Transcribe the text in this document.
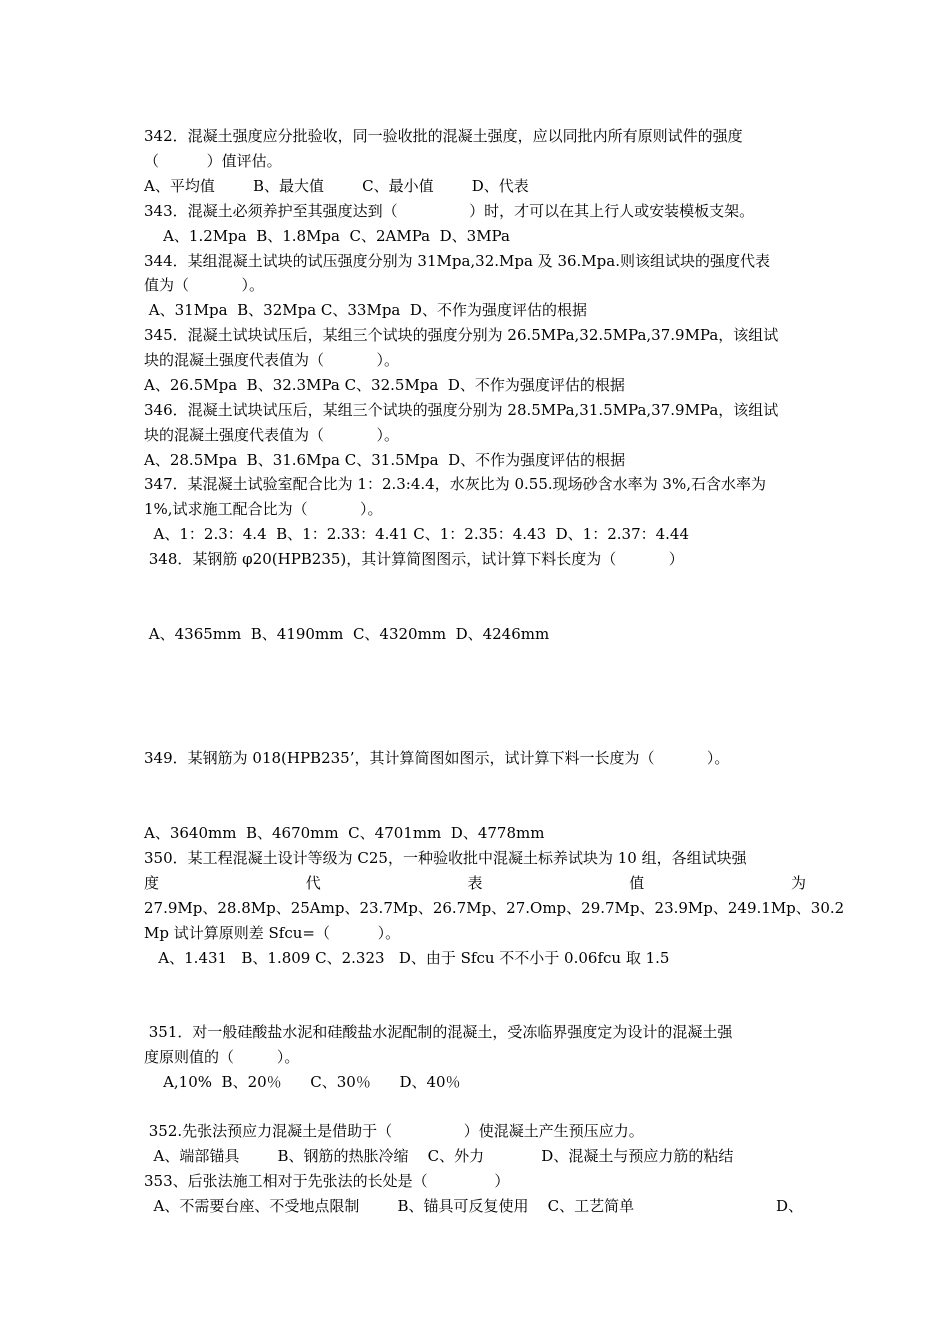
342．混凝土强度应分批验收，同一验收批的混凝土强度，应以同批内所有原则试件的强度
（          ）值评估。
A、平均值        B、最大值        C、最小值        D、代表
343．混凝土必须养护至其强度达到（               ）时，才可以在其上行人或安装模板支架。
A、1.2Mpa  B、1.8Mpa  C、2AMPa  D、3MPa
344．某组混凝土试块的试压强度分别为 31Mpa,32.Mpa 及 36.Mpa.则该组试块的强度代表
值为（           ）。
A、31Mpa  B、32Mpa C、33Mpa  D、不作为强度评估的根据
345．混凝土试块试压后，某组三个试块的强度分别为 26.5MPa,32.5MPa,37.9MPa，该组试
块的混凝土强度代表值为（           ）。
A、26.5Mpa  B、32.3MPa C、32.5Mpa  D、不作为强度评估的根据
346．混凝土试块试压后，某组三个试块的强度分别为 28.5MPa,31.5MPa,37.9MPa，该组试
块的混凝土强度代表值为（           ）。
A、28.5Mpa  B、31.6Mpa C、31.5Mpa  D、不作为强度评估的根据
347．某混凝土试验室配合比为 1：2.3:4.4，水灰比为 0.55.现场砂含水率为 3%,石含水率为
1%,试求施工配合比为（           ）。
A、1：2.3：4.4  B、1：2.33：4.41 C、1：2.35：4.43  D、1：2.37：4.44
348．某钢筋 φ20(HPB235)，其计算简图图示，试计算下料长度为（           ）
A、4365mm  B、4190mm  C、4320mm  D、4246mm
349．某钢筋为 018(HPB235’，其计算简图如图示，试计算下料一长度为（           ）。
A、3640mm  B、4670mm  C、4701mm  D、4778mm
350．某工程混凝土设计等级为 C25，一种验收批中混凝土标养试块为 10 组，各组试块强
度	代	表	值	为
27.9Mp、28.8Mp、25Amp、23.7Mp、26.7Mp、27.Omp、29.7Mp、23.9Mp、249.1Mp、30.2
Mp 试计算原则差 Sfcu=（          ）。
A、1.431   B、1.809 C、2.323   D、由于 Sfcu 不不小于 0.06fcu 取 1.5
351．对一般硅酸盐水泥和硅酸盐水泥配制的混凝土，受冻临界强度定为设计的混凝土强
度原则值的（         ）。
A,10%  B、20％      C、30％      D、40％
352.先张法预应力混凝土是借助于（               ）使混凝土产生预压应力。
A、端部锚具        B、钢筋的热胀冷缩    C、外力            D、混凝土与预应力筋的粘结
353、后张法施工相对于先张法的长处是（              ）
A、不需要台座、不受地点限制        B、锚具可反复使用    C、工艺简单	D、
